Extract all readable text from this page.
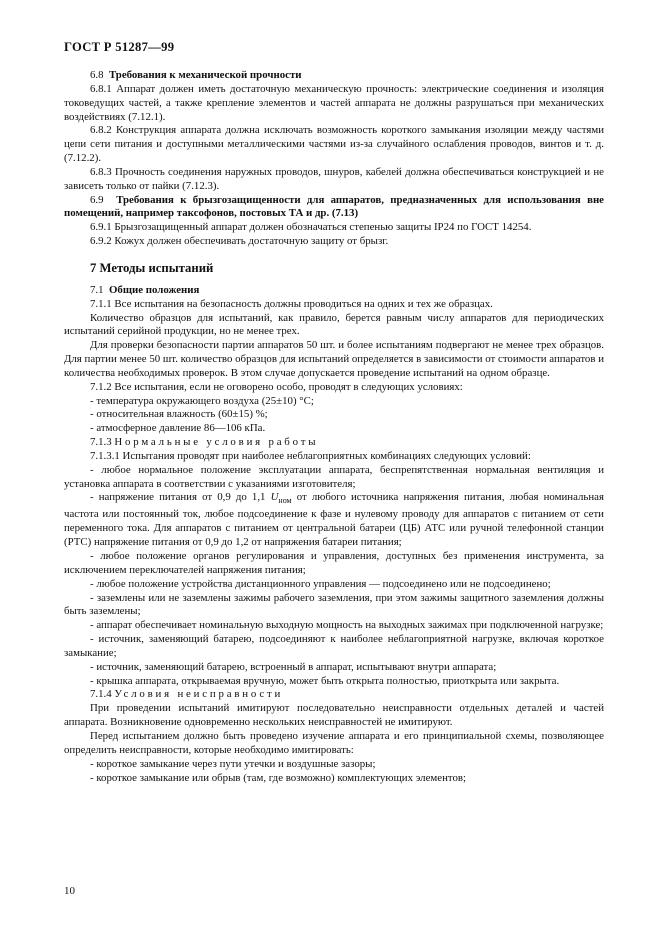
ГОСТ Р 51287—99

6.8 Требования к механической прочности

6.8.1 Аппарат должен иметь достаточную механическую прочность: электрические соединения и изоляция токоведущих частей, а также крепление элементов и частей аппарата не должны разрушаться при механических воздействиях (7.12.1).

6.8.2 Конструкция аппарата должна исключать возможность короткого замыкания изоляции между частями цепи сети питания и доступными металлическими частями из-за случайного ослабления проводов, винтов и т. д. (7.12.2).

6.8.3 Прочность соединения наружных проводов, шнуров, кабелей должна обеспечиваться конструкцией и не зависеть только от пайки (7.12.3).

6.9 Требования к брызгозащищенности для аппаратов, предназначенных для использования вне помещений, например таксофонов, постовых ТА и др. (7.13)

6.9.1 Брызгозащищенный аппарат должен обозначаться степенью защиты IP24 по ГОСТ 14254.

6.9.2 Кожух должен обеспечивать достаточную защиту от брызг.

7 Методы испытаний

7.1 Общие положения

7.1.1 Все испытания на безопасность должны проводиться на одних и тех же образцах.

Количество образцов для испытаний, как правило, берется равным числу аппаратов для периодических испытаний серийной продукции, но не менее трех.

Для проверки безопасности партии аппаратов 50 шт. и более испытаниям подвергают не менее трех образцов. Для партии менее 50 шт. количество образцов для испытаний определяется в зависимости от стоимости аппаратов и количества необходимых проверок. В этом случае допускается проведение испытаний на одном образце.

7.1.2 Все испытания, если не оговорено особо, проводят в следующих условиях:

- температура окружающего воздуха (25±10) °С;

- относительная влажность (60±15) %;

- атмосферное давление 86—106 кПа.

7.1.3 Нормальные условия работы

7.1.3.1 Испытания проводят при наиболее неблагоприятных комбинациях следующих условий:

- любое нормальное положение эксплуатации аппарата, беспрепятственная нормальная вентиляция и установка аппарата в соответствии с указаниями изготовителя;

- напряжение питания от 0,9 до 1,1 $U_{ном}$ от любого источника напряжения питания, любая номинальная частота или постоянный ток, любое подсоединение к фазе и нулевому проводу для аппаратов с питанием от сети переменного тока. Для аппаратов с питанием от центральной батареи (ЦБ) АТС или ручной телефонной станции (РТС) напряжение питания от 0,9 до 1,2 от напряжения батареи питания;

- любое положение органов регулирования и управления, доступных без применения инструмента, за исключением переключателей напряжения питания;

- любое положение устройства дистанционного управления — подсоединено или не подсоединено;

- заземлены или не заземлены зажимы рабочего заземления, при этом зажимы защитного заземления должны быть заземлены;

- аппарат обеспечивает номинальную выходную мощность на выходных зажимах при подключенной нагрузке;

- источник, заменяющий батарею, подсоединяют к наиболее неблагоприятной нагрузке, включая короткое замыкание;

- источник, заменяющий батарею, встроенный в аппарат, испытывают внутри аппарата;

- крышка аппарата, открываемая вручную, может быть открыта полностью, приоткрыта или закрыта.

7.1.4 Условия неисправности

При проведении испытаний имитируют последовательно неисправности отдельных деталей и частей аппарата. Возникновение одновременно нескольких неисправностей не имитируют.

Перед испытанием должно быть проведено изучение аппарата и его принципиальной схемы, позволяющее определить неисправности, которые необходимо имитировать:

- короткое замыкание через пути утечки и воздушные зазоры;

- короткое замыкание или обрыв (там, где возможно) комплектующих элементов;

10
